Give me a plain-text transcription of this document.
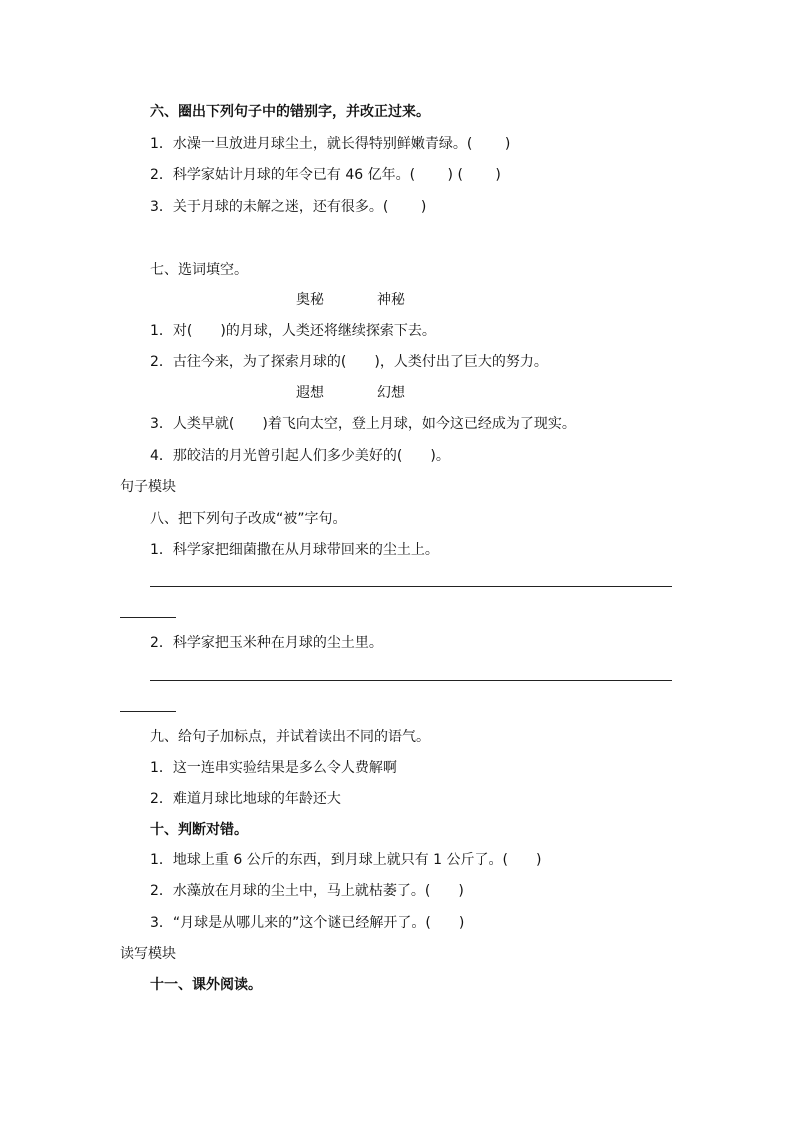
六、圈出下列句子中的错别字，并改正过来。
1．水澡一旦放进月球尘土，就长得特别鲜嫩青绿。(　　 )
2．科学家姑计月球的年令已有 46 亿年。(　　 ) (　　 )
3．关于月球的未解之迷，还有很多。(　　 )
七、选词填空。
奥秘	神秘
1．对(　　)的月球，人类还将继续探索下去。
2．古往今来，为了探索月球的(　　)，人类付出了巨大的努力。
遐想	幻想
3．人类早就(　　)着飞向太空，登上月球，如今这已经成为了现实。
4．那皎洁的月光曾引起人们多少美好的(　　)。
句子模块
八、把下列句子改成“被”字句。
1．科学家把细菌撒在从月球带回来的尘土上。
2．科学家把玉米种在月球的尘土里。
九、给句子加标点，并试着读出不同的语气。
1．这一连串实验结果是多么令人费解啊
2．难道月球比地球的年龄还大
十、判断对错。
1．地球上重 6 公斤的东西，到月球上就只有 1 公斤了。(　　)
2．水藻放在月球的尘土中，马上就枯萎了。(　　)
3．“月球是从哪儿来的”这个谜已经解开了。(　　)
读写模块
十一、课外阅读。
